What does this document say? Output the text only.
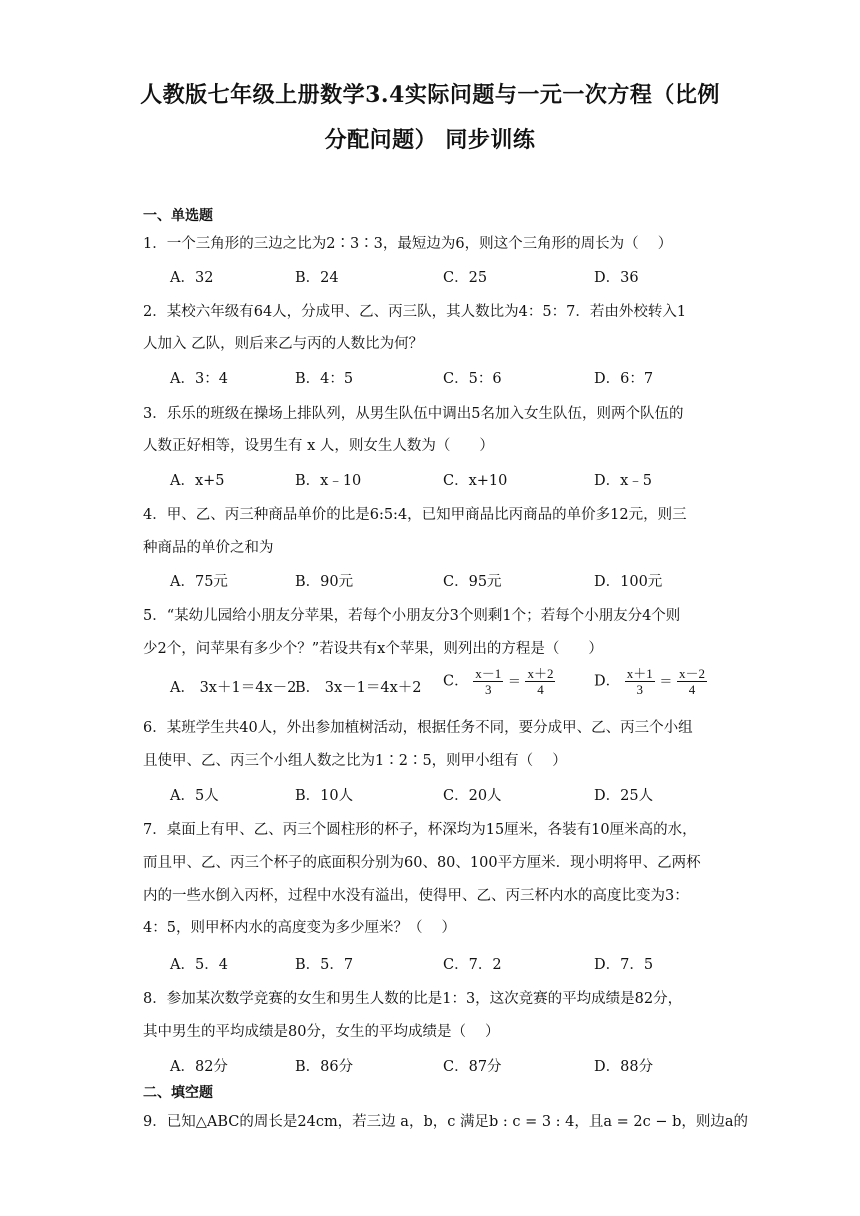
人教版七年级上册数学3.4实际问题与一元一次方程（比例
分配问题） 同步训练
一、单选题
1．一个三角形的三边之比为2∶3∶3，最短边为6，则这个三角形的周长为（　 ）
A．32	B．24	C．25	D．36
2．某校六年级有64人，分成甲、乙、丙三队，其人数比为4：5：7．若由外校转入1
人加入 乙队，则后来乙与丙的人数比为何？
A．3：4	B．4：5	C．5：6	D．6：7
3．乐乐的班级在操场上排队列，从男生队伍中调出5名加入女生队伍，则两个队伍的
人数正好相等，设男生有 x 人，则女生人数为（　　）
A．x+5	B．x﹣10	C．x+10	D．x﹣5
4．甲、乙、丙三种商品单价的比是6:5:4，已知甲商品比丙商品的单价多12元，则三
种商品的单价之和为
A．75元	B．90元	C．95元	D．100元
5．“某幼儿园给小朋友分苹果，若每个小朋友分3个则剩1个；若每个小朋友分4个则
少2个，问苹果有多少个？”若设共有x个苹果，则列出的方程是（　　）
A． 3x＋1＝4x－2
B． 3x－1＝4x＋2 C． $\frac{x-1}{3} = \frac{x+2}{4}$	D． $\frac{x+1}{3} = \frac{x-2}{4}$
6．某班学生共40人，外出参加植树活动，根据任务不同，要分成甲、乙、丙三个小组
且使甲、乙、丙三个小组人数之比为1∶2∶5，则甲小组有（　 ）
A．5人	B．10人	C．20人	D．25人
7．桌面上有甲、乙、丙三个圆柱形的杯子，杯深均为15厘米，各装有10厘米高的水，
而且甲、乙、丙三个杯子的底面积分别为60、80、100平方厘米．现小明将甲、乙两杯
内的一些水倒入丙杯，过程中水没有溢出，使得甲、乙、丙三杯内水的高度比变为3：
4：5，则甲杯内水的高度变为多少厘米？（　 ）
A．5．4	B．5．7	C．7．2	D．7．5
8．参加某次数学竞赛的女生和男生人数的比是1：3，这次竞赛的平均成绩是82分，
其中男生的平均成绩是80分，女生的平均成绩是（　 ）
A．82分	B．86分	C．87分	D．88分
二、填空题
9．已知△ABC的周长是24cm，若三边 a，b，c 满足b : c = 3 : 4，且a = 2c − b，则边a的
